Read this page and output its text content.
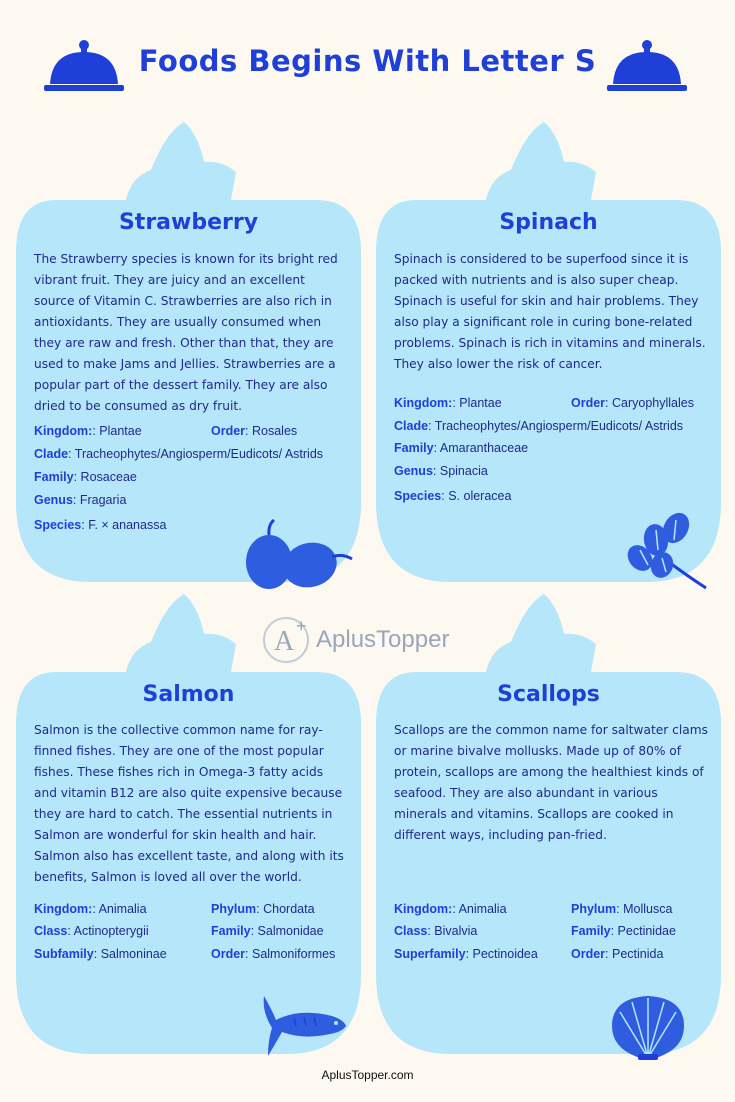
Foods Begins With Letter S
Strawberry
The Strawberry species is known for its bright red vibrant fruit. They are juicy and an excellent source of Vitamin C. Strawberries are also rich in antioxidants. They are usually consumed when they are raw and fresh. Other than that, they are used to make Jams and Jellies. Strawberries are a popular part of the dessert family. They are also dried to be consumed as dry fruit.
Kingdom:: Plantae	Order: Rosales
Clade: Tracheophytes/Angiosperm/Eudicots/ Astrids
Family: Rosaceae
Genus: Fragaria
Species: F. × ananassa
Spinach
Spinach is considered to be superfood since it is packed with nutrients and is also super cheap. Spinach is useful for skin and hair problems. They also play a significant role in curing bone-related problems. Spinach is rich in vitamins and minerals. They also lower the risk of cancer.
Kingdom:: Plantae	Order: Caryophyllales
Clade: Tracheophytes/Angiosperm/Eudicots/ Astrids
Family: Amaranthaceae
Genus: Spinacia
Species: S. oleracea
Salmon
Salmon is the collective common name for ray-finned fishes. They are one of the most popular fishes. These fishes rich in Omega-3 fatty acids and vitamin B12 are also quite expensive because they are hard to catch. The essential nutrients in Salmon are wonderful for skin health and hair. Salmon also has excellent taste, and along with its benefits, Salmon is loved all over the world.
Kingdom:: Animalia	Phylum: Chordata
Class: Actinopterygii	Family: Salmonidae
Subfamily: Salmoninae	Order: Salmoniformes
Scallops
Scallops are the common name for saltwater clams or marine bivalve mollusks. Made up of 80% of protein, scallops are among the healthiest kinds of seafood. They are also abundant in various minerals and vitamins. Scallops are cooked in different ways, including pan-fried.
Kingdom:: Animalia	Phylum: Mollusca
Class: Bivalvia	Family: Pectinidae
Superfamily: Pectinoidea	Order: Pectinida
A + AplusTopper
AplusTopper.com
